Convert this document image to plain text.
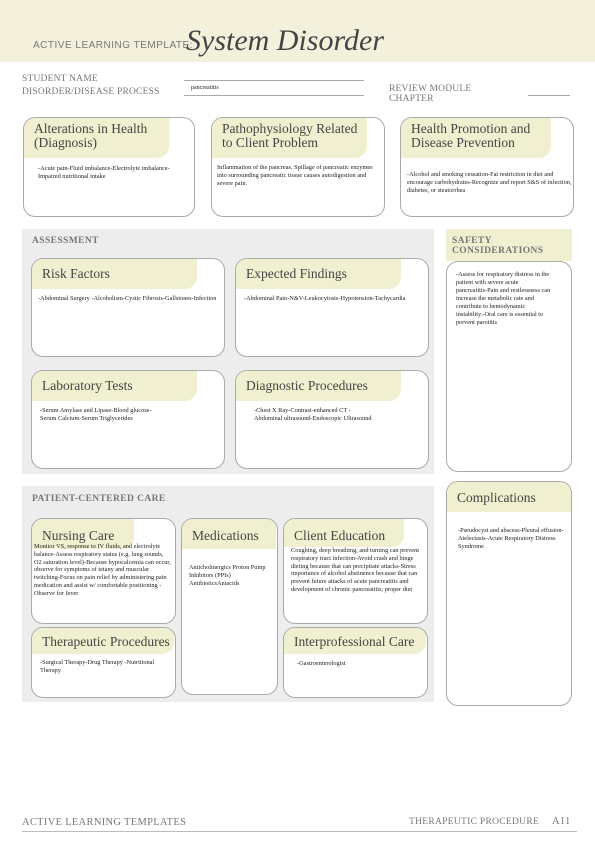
ACTIVE LEARNING TEMPLATE:
System Disorder
STUDENT NAME
DISORDER/DISEASE PROCESS	pancreatitis	REVIEW MODULE
CHAPTER
Alterations in Health (Diagnosis)
-Acute pain-Fluid imbalance-Electrolyte imbalance-Impaired nutritional intake
Pathophysiology Related to Client Problem
Inflammation of the pancreas. Spillage of pancreatic enzymes into surrounding pancreatic tissue causes autodigestion and severe pain.
Health Promotion and Disease Prevention
-Alcohol and smoking cessation-Fat restriction in diet and encourage carbohydrates-Recognize and report S&S of infection, diabetes, or steatorrhea
ASSESSMENT
Risk Factors
-Abdominal Surgery -Alcoholism-Cystic Fibrosis-Gallstones-Infection
Expected Findings
-Abdominal Pain-N&V-Leukocytosis-Hypotension-Tachycardia
Laboratory Tests
-Serum Amylase and Lipase-Blood glucose-Serum Calcium-Serum Triglycerides
Diagnostic Procedures
-Chest X Ray-Contrast-enhanced CT -Abdominal ultrasound-Endoscopic Ultrasound
SAFETY CONSIDERATIONS
-Assess for respiratory distress in the patient with severe acute pancreatitis-Pain and restlessness can increase the metabolic rate and contribute to hemodynamic instability.-Oral care is essential to prevent parotitis
PATIENT-CENTERED CARE
Nursing Care
Monitor VS, response to IV fluids, and electrolyte balance-Assess respiratory status (e.g. lung sounds, O2 saturation level)-Because hypocalcemia can occur, observe for symptoms of tetany and muscular twitching-Focus on pain relief by administering pain medication and assist w/ comfortable positioning -Observe for fever
Medications
Anticholinergics Proton Pump Inhibitors (PPIs) AntibioticsAntacids
Client Education
Coughing, deep breathing, and turning can prevent respiratory tract infection-Avoid crash and binge dieting because that can precipitate attacks-Stress importance of alcohol abstinence because that can prevent future attacks of acute pancreatitis and development of chronic pancreatitis; proper diet
Therapeutic Procedures
-Surgical Therapy-Drug Therapy -Nutritional Therapy
Interprofessional Care
-Gastroenterologist
Complications
-Pseudocyst and abscess-Pleural effusion-Atelectasis-Acute Respiratory Distress Syndrome
ACTIVE LEARNING TEMPLATES	THERAPEUTIC PROCEDURE A11
